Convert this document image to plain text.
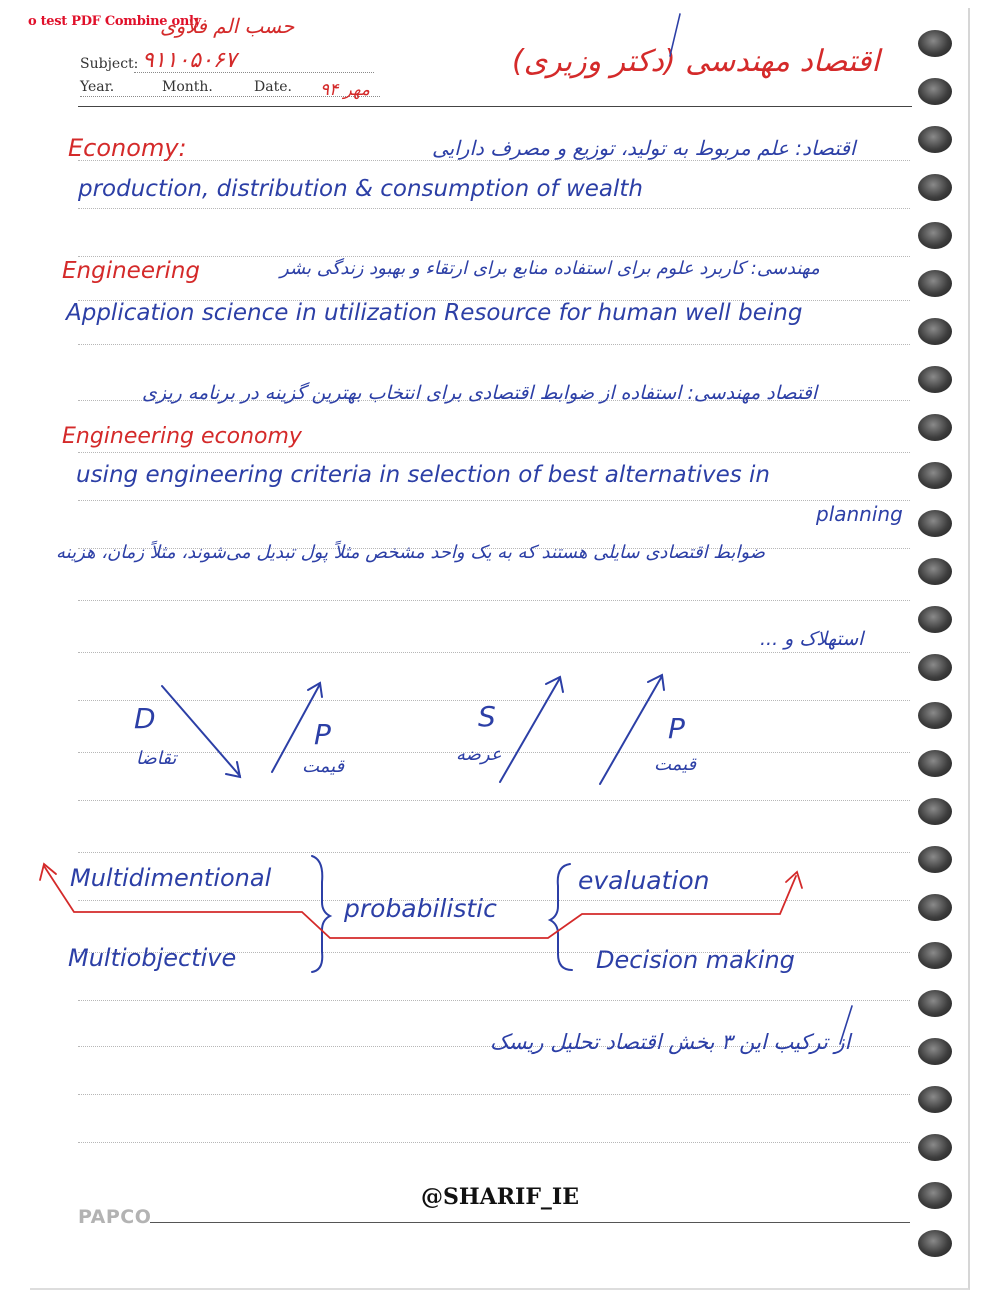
o test PDF Combine only
حسب الم فلاوی
Subject: ۹۱۱۰۵۰۶۷
Year.	Month.	Date. مهر ۹۴
اقتصاد مهندسی (دکتر وزیری)
Economy:	اقتصاد: علم مربوط به تولید، توزیع و مصرف دارایی
production, distribution & consumption of wealth
Engineering	مهندسی: کاربرد علوم برای استفاده منابع برای ارتقاء و بهبود زندگی بشر
Application science in utilization Resource for human well being
اقتصاد مهندسی: استفاده از ضوابط اقتصادی برای انتخاب بهترین گزینه در برنامه ریزی
Engineering economy
using engineering criteria in selection of best alternatives in
planning
ضوابط اقتصادی سایلی هستند که به یک واحد مشخص مثلاً پول تبدیل می‌شوند، مثلاً زمان، هزینه
استهلاک و ...
D
تقاضا
P
قیمت
S
عرضه
P
قیمت
Multidimentional
Multiobjective
probabilistic
evaluation
Decision making
از ترکیب این ۳ بخش اقتصاد تحلیل ریسک
PAPCO
@SHARIF_IE
